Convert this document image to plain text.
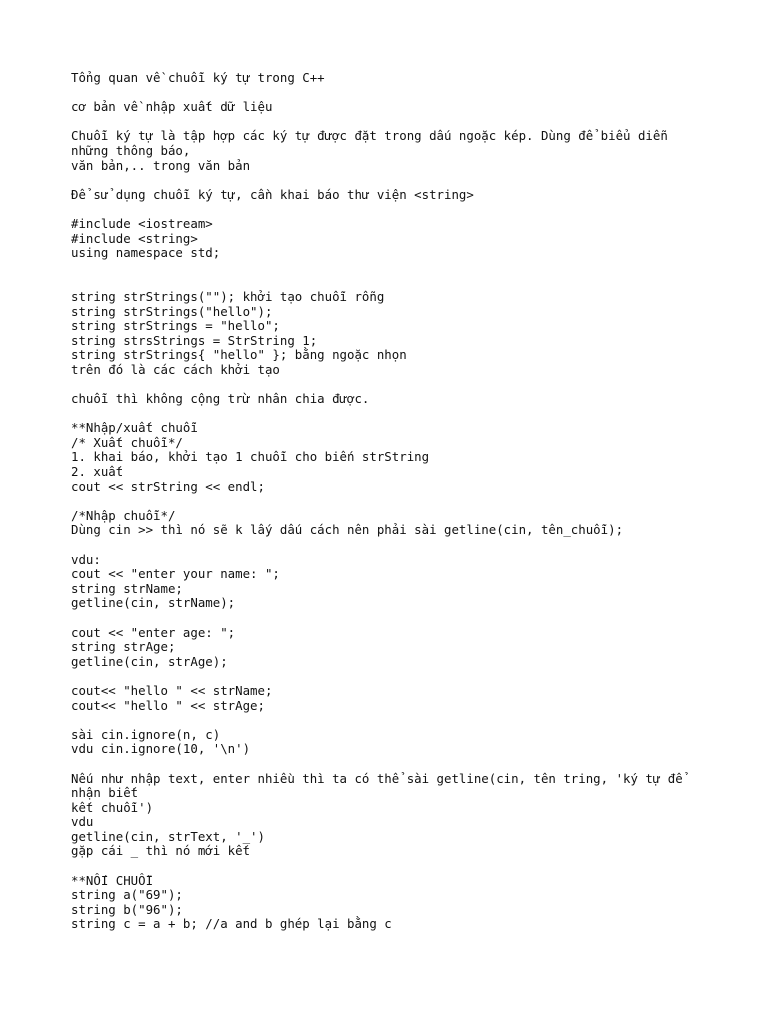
Tổng quan về chuỗi ký tự trong C++
cơ bản về nhập xuất dữ liệu
Chuỗi ký tự là tập hợp các ký tự được đặt trong dấu ngoặc kép. Dùng để biểu diễn
những thông báo,
văn bản,.. trong văn bản
Để sử dụng chuỗi ký tự, cần khai báo thư viện <string>
#include <iostream>
#include <string>
using namespace std;
string strStrings(""); khởi tạo chuỗi rỗng
string strStrings("hello");
string strStrings = "hello";
string strsStrings = StrString 1;
string strStrings{ "hello" }; bằng ngoặc nhọn
trên đó là các cách khởi tạo
chuỗi thì không cộng trừ nhân chia được.
**Nhập/xuất chuỗi
/* Xuất chuỗi*/
1. khai báo, khởi tạo 1 chuỗi cho biến strString
2. xuất
cout << strString << endl;
/*Nhập chuỗi*/
Dùng cin >> thì nó sẽ k lấy dấu cách nên phải sài getline(cin, tên_chuỗi);
vdu:
cout << "enter your name: ";
string strName;
getline(cin, strName);
cout << "enter age: ";
string strAge;
getline(cin, strAge);
cout<< "hello " << strName;
cout<< "hello " << strAge;
sài cin.ignore(n, c)
vdu cin.ignore(10, '\n')
Nếu như nhập text, enter nhiều thì ta có thể sài getline(cin, tên tring, 'ký tự để
nhận biết
kết chuỗi')
vdu
getline(cin, strText, '_')
gặp cái _ thì nó mới kết
**NỐI CHUỖI
string a("69");
string b("96");
string c = a + b; //a and b ghép lại bằng c
